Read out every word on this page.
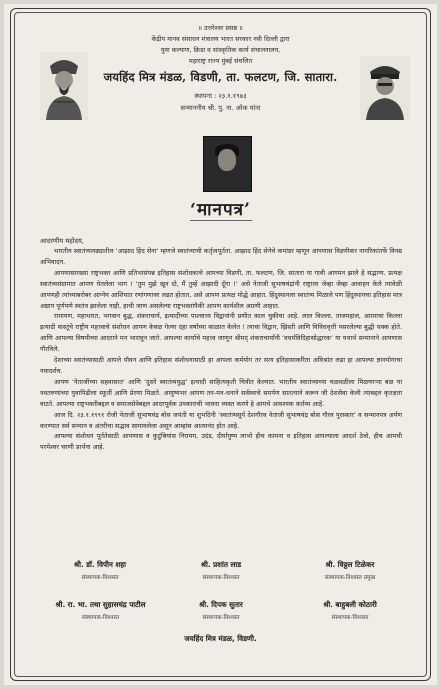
॥ उत्तरेश्वर प्रसन्न ॥
केंद्रीय मानव संसाधन मंत्रालय भारत सरकार नवी दिल्ली द्वारा
युवा कल्याण, क्रिडा व सांस्कृतिक कार्य संचालनालय,
महाराष्ट्र राज्य मुंबई संचलित
जयहिंद मित्र मंडळ, विडणी, ता. फलटण, जि. सातारा.
स्थापना : २३.१.१९७३
सन्माननीय श्री. पु. ना. ओक यांना
‘मानपत्र’
आदरणीय महोदय,

भारतीय स्वातंत्र्यलढ्यातील ‘आझाद हिंद सेना’ म्हणजे स्वातंत्र्याची कर्तृत्वपूर्तता. आझाद हिंद सेनेचे कमांडर म्हणून आपणास विडणीकर नागरिकांतर्फे विनम्र अभिवादन.

आपणासारख्या राष्ट्रभक्त आणि प्रतिभासंपन्न इतिहास संशोधकाचे आमच्या विडणी, ता. फलटण, जि. सातारा या गावी आगमन झाले हे सद्भाग्य. प्रत्यक्ष स्वातंत्र्यसंग्रामात आपण घेतलेला भाग ! ‘तुम मुझे खून दो, मैं तुम्हें आझादी दूँगा !’ असे नेताजी सुभाषचंद्रांनी राष्ट्राला जेव्हा जेव्हा आवाहन केले त्यावेळी आपणही त्यांच्याबरोबर आग्नेय आशियात रणांगणावर लढत होतात, असे आपण प्रत्यक्ष योद्धे आहात. हिंदुस्थानला स्वातंत्र्य मिळाले पण हिंदुस्थानचा इतिहास मात्र अद्याप पूर्णपणे स्वतंत्र झालेला नाही, हाची जाण असलेल्या राष्ट्रभक्तांपैकी आपण कार्यशील अग्रणी आहात.

रामायण, महाभारत, भगवान बुद्ध, शंकराचार्य, इत्यादींच्या पाश्चात्त्य विद्वानांनी प्रणीत काल चुकीचा आहे. लाल किल्ला, ताजमहाल, आग्र्याचा किल्ला इत्यादी वास्तूंचे राष्ट्रीय महत्त्वाचे संशोधन आपण केवळ गेल्या दहा वर्षांच्या काळात केलेत ! त्याचा विद्वान, ख्रिस्ती आणि विविधवृत्ती पसरलेल्या बुद्धी थक्क होते. आणि आपल्या विषयीच्या आदराने मन भारावून जाते. आपल्या कार्याचे महत्त्व जाणून श्रीमद् शंकराचार्यांनी ‘वधर्मविदिहासोद्धारक’ या यथार्थ सन्मानाने आपणास गौरविले.

देशाच्या स्वातंत्र्यासाठी आपले यौवन आणि इतिहास संशोधनासाठी हा आपला कर्मयोग तर सत्य इतिहासाकरिता अविश्रांत लढा हा आपल्या ज्ञानयोगाचा नवादर्शच.

आपण ‘नेताजींच्या सहवासात’ आणि ‘दुसरे स्वातंत्र्ययुद्ध’ इत्यादी साहित्यकृती चित्रीत केल्यात. भारतीय स्वातंत्र्याच्या चळवळीला मिळणाऱ्या बळ या नवतरुणांच्या युवापिढीला स्फूर्ती आणि प्रेरणा मिळते. आयुष्यभर आपण तन-मन-धनाने सर्वस्वाचे समर्पण सातत्याने करून जी देशसेवा केली त्याबद्दल कृतज्ञता वाटते. आपल्या राष्ट्रभक्तीबद्दल व समाजसेवेबद्दल आदरपूर्वक उपकाराची भावना व्यक्त करणे हे आमचे आवश्यक कर्तव्य आहे.

आज दि. २३.१.१९९१ रोजी नेताजी सुभाषचंद्र बोस जयंती या शुभदिनी ‘स्वातंत्र्यसूर्य देशगौरव नेताजी सुभाषचंद्र बोस गौरव पुरस्कार’ व सन्मानपत्र अर्पण करण्यात सर्व सन्मान व अंतरीचा सद्भाव सामावलेला असून आम्हांस आत्यानंद होत आहे.

आपल्या संशोधन पूर्ततेसाठी आपणास व कुटुंबियांस निरामय, उदंड, दीर्घायुष्य लाभो हीच कामना व इतिहास आपल्याला आदर्श ठेवो, हीच आमची परमेश्वर चरणी प्रार्थना आहे.

श्री. डॉ. विपीन शहा
संस्थापक-विश्वस्त
श्री. प्रशांत लाड
संस्थापक-विश्वस्त
श्री. विठ्ठल टिळेकर
संस्थापक-विश्वस्त प्रमुख
श्री. रा. भा. तथा सुहासचंद्र पाटील
संस्थापक-विश्वस्त
श्री. दिपक सुतार
संस्थापक-विश्वस्त
श्री. बाहुबली कोठारी
संस्थापक-विश्वस्त
जयहिंद मित्र मंडळ, विडणी.
